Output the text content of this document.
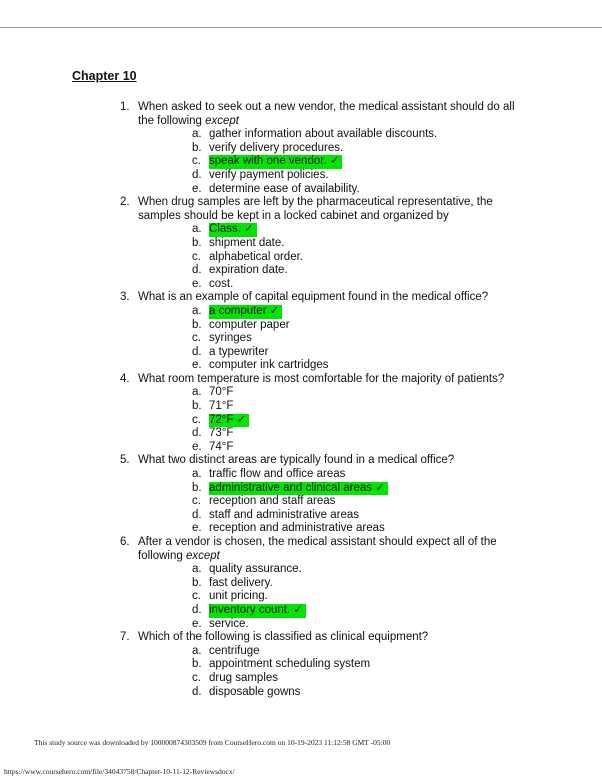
Chapter 10
1. When asked to seek out a new vendor, the medical assistant should do all the following except
a. gather information about available discounts.
b. verify delivery procedures.
c. speak with one vendor. ✓
d. verify payment policies.
e. determine ease of availability.
2. When drug samples are left by the pharmaceutical representative, the samples should be kept in a locked cabinet and organized by
a. Class. ✓
b. shipment date.
c. alphabetical order.
d. expiration date.
e. cost.
3. What is an example of capital equipment found in the medical office?
a. a computer ✓
b. computer paper
c. syringes
d. a typewriter
e. computer ink cartridges
4. What room temperature is most comfortable for the majority of patients?
a. 70°F
b. 71°F
c. 72°F ✓
d. 73°F
e. 74°F
5. What two distinct areas are typically found in a medical office?
a. traffic flow and office areas
b. administrative and clinical areas ✓
c. reception and staff areas
d. staff and administrative areas
e. reception and administrative areas
6. After a vendor is chosen, the medical assistant should expect all of the following except
a. quality assurance.
b. fast delivery.
c. unit pricing.
d. inventory count. ✓
e. service.
7. Which of the following is classified as clinical equipment?
a. centrifuge
b. appointment scheduling system
c. drug samples
d. disposable gowns
This study source was downloaded by 100000874303509 from CourseHero.com on 10-19-2023 11:12:58 GMT -05:00
https://www.coursehero.com/file/34043758/Chapter-10-11-12-Reviewsdocx/
